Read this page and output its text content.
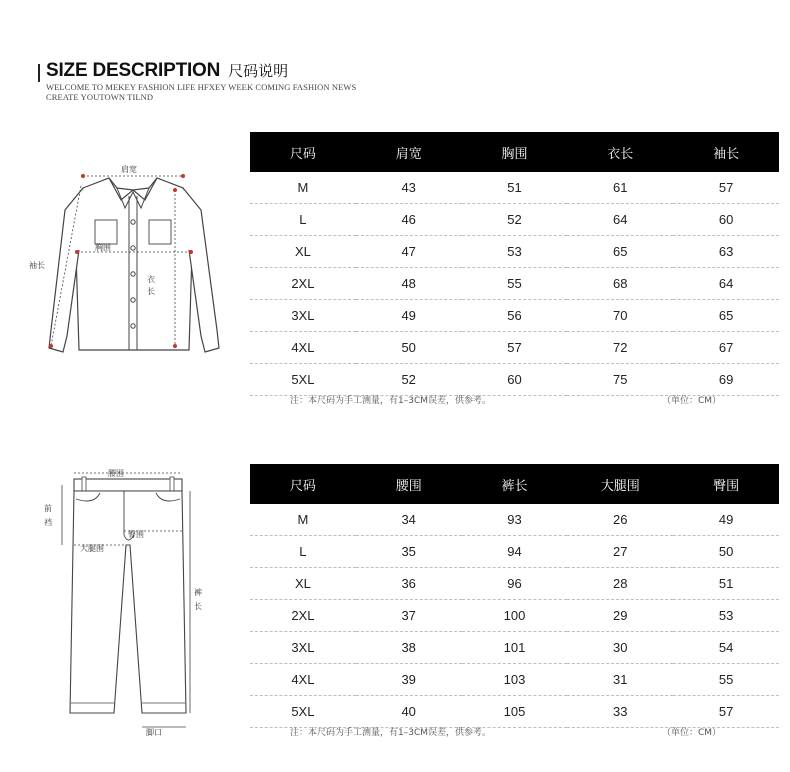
SIZE DESCRIPTION 尺码说明
WELCOME TO MEKEY FASHION LIFE HFXEY WEEK COMING FASHION NEWS
CREATE YOUTOWN TILND
肩宽
胸围
袖长
衣
长
尺码	肩宽	胸围	衣长	袖长
M	43	51	61	57
L	46	52	64	60
XL	47	53	65	63
2XL	48	55	68	64
3XL	49	56	70	65
4XL	50	57	72	67
5XL	52	60	75	69
注：本尺码为手工测量，有1–3CM误差，供参考。	（单位：CM）
腰围
前
裆
大腿围
臀围
裤
长
脚口
尺码	腰围	裤长	大腿围	臀围
M	34	93	26	49
L	35	94	27	50
XL	36	96	28	51
2XL	37	100	29	53
3XL	38	101	30	54
4XL	39	103	31	55
5XL	40	105	33	57
注：本尺码为手工测量，有1–3CM误差，供参考。	（单位：CM）
